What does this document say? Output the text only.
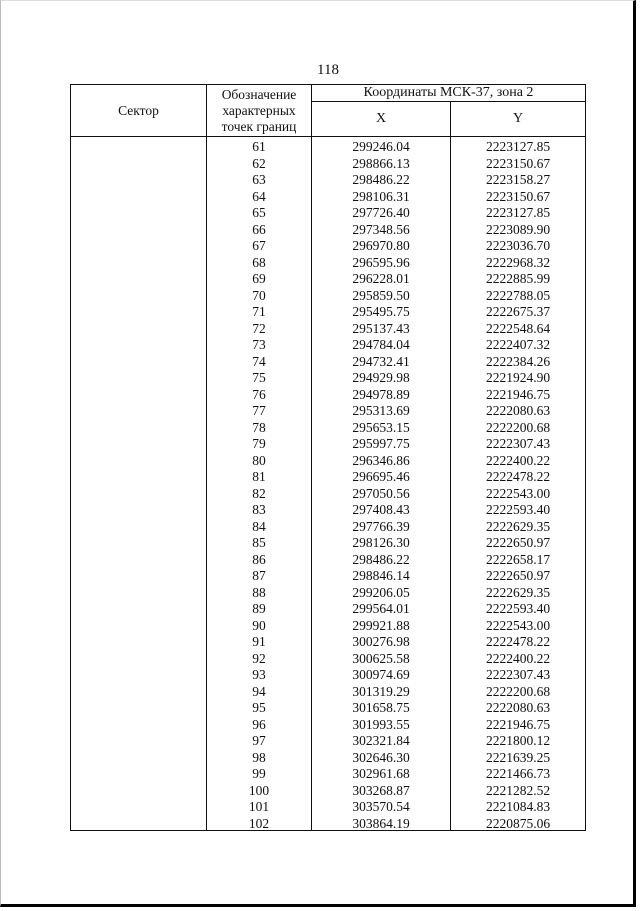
118
Сектор	Обозначение
характерных
точек границ	Координаты МСК-37, зона 2	
		X	Y
	61	299246.04	2223127.85
	62	298866.13	2223150.67
	63	298486.22	2223158.27
	64	298106.31	2223150.67
	65	297726.40	2223127.85
	66	297348.56	2223089.90
	67	296970.80	2223036.70
	68	296595.96	2222968.32
	69	296228.01	2222885.99
	70	295859.50	2222788.05
	71	295495.75	2222675.37
	72	295137.43	2222548.64
	73	294784.04	2222407.32
	74	294732.41	2222384.26
	75	294929.98	2221924.90
	76	294978.89	2221946.75
	77	295313.69	2222080.63
	78	295653.15	2222200.68
	79	295997.75	2222307.43
	80	296346.86	2222400.22
	81	296695.46	2222478.22
	82	297050.56	2222543.00
	83	297408.43	2222593.40
	84	297766.39	2222629.35
	85	298126.30	2222650.97
	86	298486.22	2222658.17
	87	298846.14	2222650.97
	88	299206.05	2222629.35
	89	299564.01	2222593.40
	90	299921.88	2222543.00
	91	300276.98	2222478.22
	92	300625.58	2222400.22
	93	300974.69	2222307.43
	94	301319.29	2222200.68
	95	301658.75	2222080.63
	96	301993.55	2221946.75
	97	302321.84	2221800.12
	98	302646.30	2221639.25
	99	302961.68	2221466.73
	100	303268.87	2221282.52
	101	303570.54	2221084.83
	102	303864.19	2220875.06
